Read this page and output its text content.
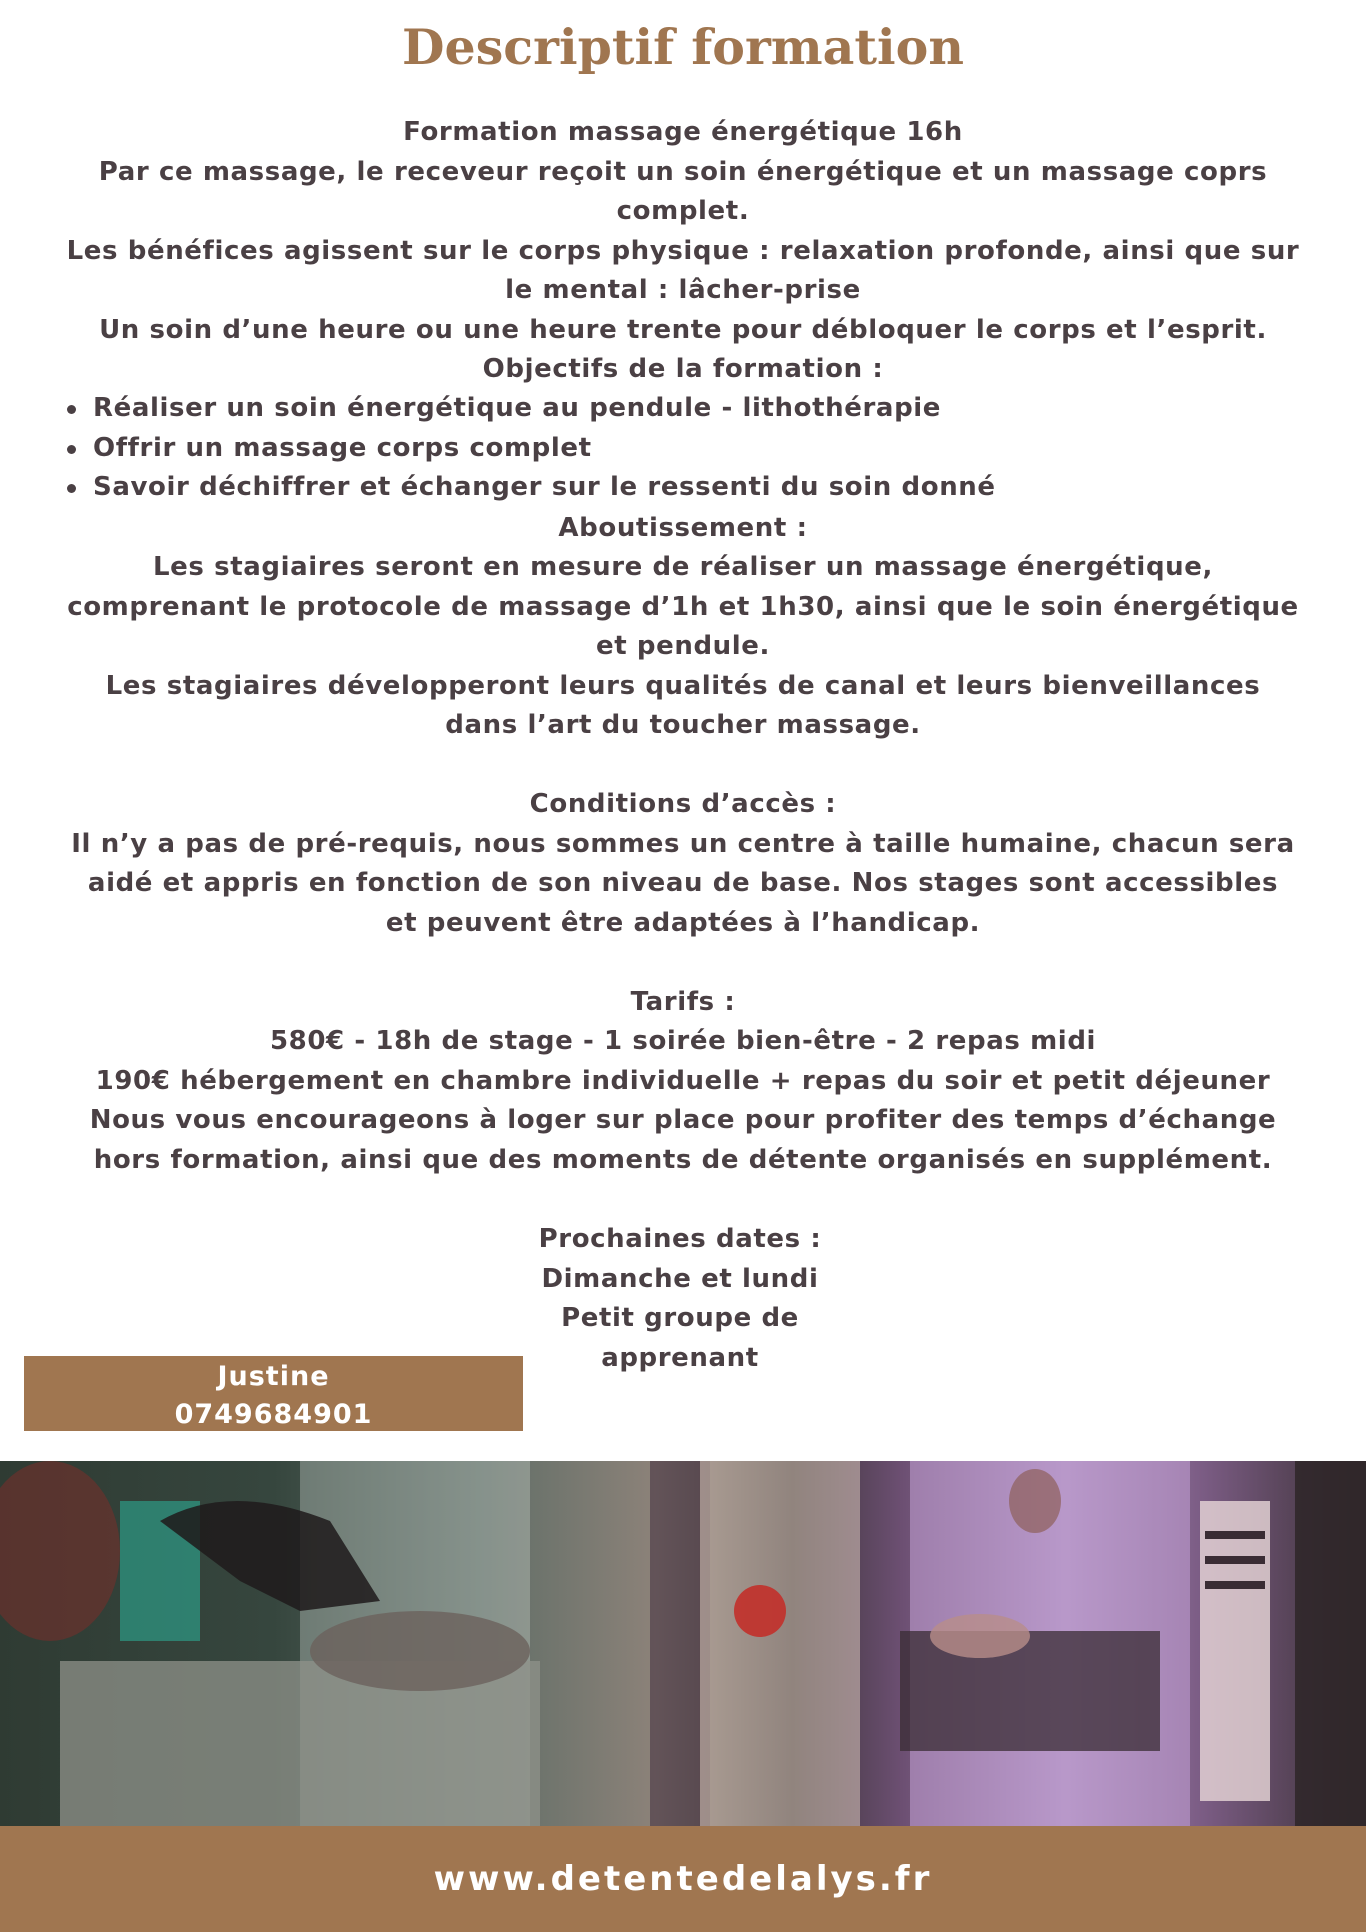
Descriptif formation
Formation massage énergétique 16h
Par ce massage, le receveur reçoit un soin énergétique et un massage coprs
complet.
Les bénéfices agissent sur le corps physique : relaxation profonde, ainsi que sur
le mental : lâcher-prise
Un soin d’une heure ou une heure trente pour débloquer le corps et l’esprit.
Objectifs de la formation :
Réaliser un soin énergétique au pendule - lithothérapie
Offrir un massage corps complet
Savoir déchiffrer et échanger sur le ressenti du soin donné
Aboutissement :
Les stagiaires seront en mesure de réaliser un massage énergétique,
comprenant le protocole de massage d’1h et 1h30, ainsi que le soin énergétique
et pendule.
Les stagiaires développeront leurs qualités de canal et leurs bienveillances
dans l’art du toucher massage.
Conditions d’accès :
Il n’y a pas de pré-requis, nous sommes un centre à taille humaine, chacun sera
aidé et appris en fonction de son niveau de base. Nos stages sont accessibles
et peuvent être adaptées à l’handicap.
Tarifs :
580€ - 18h de stage - 1 soirée bien-être - 2 repas midi
190€ hébergement en chambre individuelle + repas du soir et petit déjeuner
Nous vous encourageons à loger sur place pour profiter des temps d’échange
hors formation, ainsi que des moments de détente organisés en supplément.
Prochaines dates :
Dimanche et lundi
Petit groupe de
apprenant
Justine
0749684901
www.detentedelalys.fr
